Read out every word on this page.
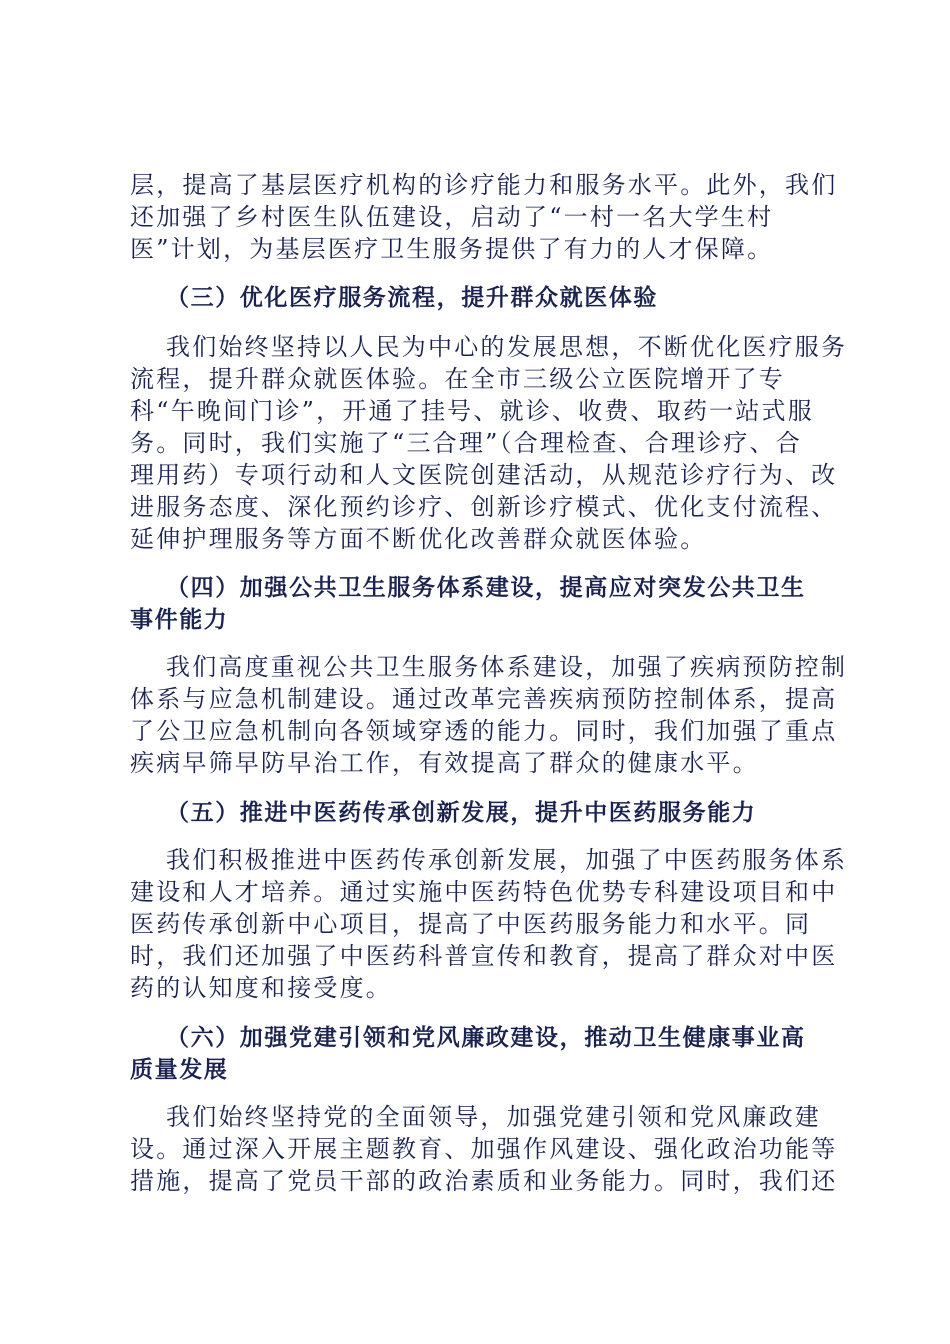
层，提高了基层医疗机构的诊疗能力和服务水平。此外，我们
还加强了乡村医生队伍建设，启动了“一村一名大学生村
医”计划，为基层医疗卫生服务提供了有力的人才保障。
（三）优化医疗服务流程，提升群众就医体验
我们始终坚持以人民为中心的发展思想，不断优化医疗服务
流程，提升群众就医体验。在全市三级公立医院增开了专
科“午晚间门诊”，开通了挂号、就诊、收费、取药一站式服
务。同时，我们实施了“三合理”（合理检查、合理诊疗、合
理用药）专项行动和人文医院创建活动，从规范诊疗行为、改
进服务态度、深化预约诊疗、创新诊疗模式、优化支付流程、
延伸护理服务等方面不断优化改善群众就医体验。
（四）加强公共卫生服务体系建设，提高应对突发公共卫生
事件能力
我们高度重视公共卫生服务体系建设，加强了疾病预防控制
体系与应急机制建设。通过改革完善疾病预防控制体系，提高
了公卫应急机制向各领域穿透的能力。同时，我们加强了重点
疾病早筛早防早治工作，有效提高了群众的健康水平。
（五）推进中医药传承创新发展，提升中医药服务能力
我们积极推进中医药传承创新发展，加强了中医药服务体系
建设和人才培养。通过实施中医药特色优势专科建设项目和中
医药传承创新中心项目，提高了中医药服务能力和水平。同
时，我们还加强了中医药科普宣传和教育，提高了群众对中医
药的认知度和接受度。
（六）加强党建引领和党风廉政建设，推动卫生健康事业高
质量发展
我们始终坚持党的全面领导，加强党建引领和党风廉政建
设。通过深入开展主题教育、加强作风建设、强化政治功能等
措施，提高了党员干部的政治素质和业务能力。同时，我们还
